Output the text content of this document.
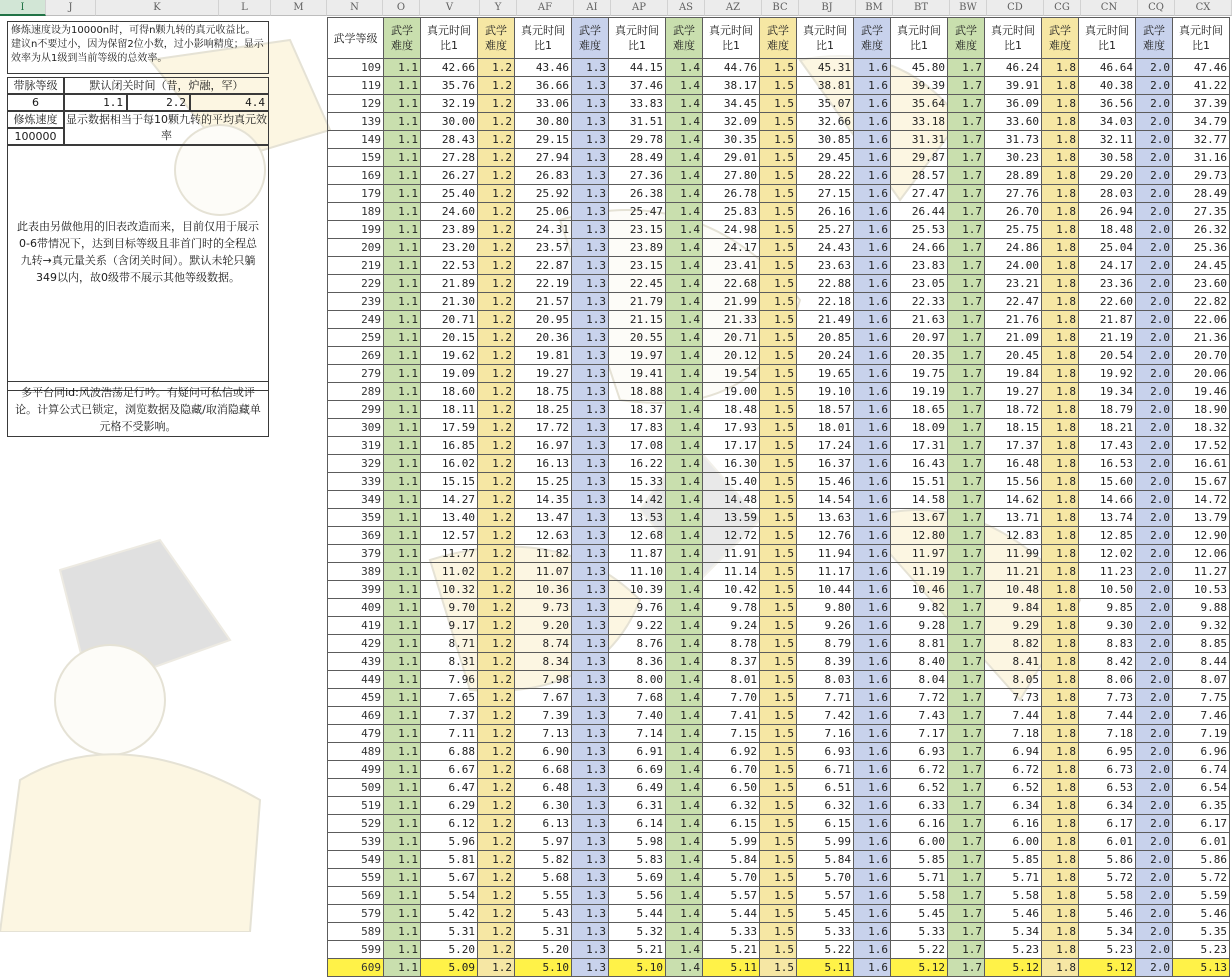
I	J	K	L	M	N	O	V	Y	AF	AI	AP	AS	AZ	BC	BJ	BM	BT	BW	CD	CG	CN	CQ	CX
修炼速度设为10000n时，可得n颗九转的真元收益比。建议n不要过小，因为保留2位小数，过小影响精度；显示效率为从1级到当前等级的总效率。
带脉等级	默认闭关时间（昔，炉融，罕）
6	1.1	2.2	4.4
修炼速度 显示数据相当于每10颗九转的平均真元效率
100000
此表由另做他用的旧表改造而来，目前仅用于展示0-6带情况下，达到目标等级且非首门时的全程总九转→真元量关系（含闭关时间）。默认未轮只躺349以内，故0级带不展示其他等级数据。
多平台同id:风波浩荡足行吟。有疑问可私信或评论。计算公式已锁定，浏览数据及隐藏/取消隐藏单元格不受影响。
武学等级	武学难度	真元时间比1	武学难度	真元时间比1	武学难度	真元时间比1	武学难度	真元时间比1	武学难度	真元时间比1	武学难度	真元时间比1	武学难度	真元时间比1	武学难度	真元时间比1	武学难度	真元时间比1
109	1.1	42.66	1.2	43.46	1.3	44.15	1.4	44.76	1.5	45.31	1.6	45.80	1.7	46.24	1.8	46.64	2.0	47.46
119	1.1	35.76	1.2	36.66	1.3	37.46	1.4	38.17	1.5	38.81	1.6	39.39	1.7	39.91	1.8	40.38	2.0	41.22
129	1.1	32.19	1.2	33.06	1.3	33.83	1.4	34.45	1.5	35.07	1.6	35.64	1.7	36.09	1.8	36.56	2.0	37.39
139	1.1	30.00	1.2	30.80	1.3	31.51	1.4	32.09	1.5	32.66	1.6	33.18	1.7	33.60	1.8	34.03	2.0	34.79
149	1.1	28.43	1.2	29.15	1.3	29.78	1.4	30.35	1.5	30.85	1.6	31.31	1.7	31.73	1.8	32.11	2.0	32.77
159	1.1	27.28	1.2	27.94	1.3	28.49	1.4	29.01	1.5	29.45	1.6	29.87	1.7	30.23	1.8	30.58	2.0	31.16
169	1.1	26.27	1.2	26.83	1.3	27.36	1.4	27.80	1.5	28.22	1.6	28.57	1.7	28.89	1.8	29.20	2.0	29.73
179	1.1	25.40	1.2	25.92	1.3	26.38	1.4	26.78	1.5	27.15	1.6	27.47	1.7	27.76	1.8	28.03	2.0	28.49
189	1.1	24.60	1.2	25.06	1.3	25.47	1.4	25.83	1.5	26.16	1.6	26.44	1.7	26.70	1.8	26.94	2.0	27.35
199	1.1	23.89	1.2	24.31	1.3	23.15	1.4	24.98	1.5	25.27	1.6	25.53	1.7	25.75	1.8	18.48	2.0	26.32
209	1.1	23.20	1.2	23.57	1.3	23.89	1.4	24.17	1.5	24.43	1.6	24.66	1.7	24.86	1.8	25.04	2.0	25.36
219	1.1	22.53	1.2	22.87	1.3	23.15	1.4	23.41	1.5	23.63	1.6	23.83	1.7	24.00	1.8	24.17	2.0	24.45
229	1.1	21.89	1.2	22.19	1.3	22.45	1.4	22.68	1.5	22.88	1.6	23.05	1.7	23.21	1.8	23.36	2.0	23.60
239	1.1	21.30	1.2	21.57	1.3	21.79	1.4	21.99	1.5	22.18	1.6	22.33	1.7	22.47	1.8	22.60	2.0	22.82
249	1.1	20.71	1.2	20.95	1.3	21.15	1.4	21.33	1.5	21.49	1.6	21.63	1.7	21.76	1.8	21.87	2.0	22.06
259	1.1	20.15	1.2	20.36	1.3	20.55	1.4	20.71	1.5	20.85	1.6	20.97	1.7	21.09	1.8	21.19	2.0	21.36
269	1.1	19.62	1.2	19.81	1.3	19.97	1.4	20.12	1.5	20.24	1.6	20.35	1.7	20.45	1.8	20.54	2.0	20.70
279	1.1	19.09	1.2	19.27	1.3	19.41	1.4	19.54	1.5	19.65	1.6	19.75	1.7	19.84	1.8	19.92	2.0	20.06
289	1.1	18.60	1.2	18.75	1.3	18.88	1.4	19.00	1.5	19.10	1.6	19.19	1.7	19.27	1.8	19.34	2.0	19.46
299	1.1	18.11	1.2	18.25	1.3	18.37	1.4	18.48	1.5	18.57	1.6	18.65	1.7	18.72	1.8	18.79	2.0	18.90
309	1.1	17.59	1.2	17.72	1.3	17.83	1.4	17.93	1.5	18.01	1.6	18.09	1.7	18.15	1.8	18.21	2.0	18.32
319	1.1	16.85	1.2	16.97	1.3	17.08	1.4	17.17	1.5	17.24	1.6	17.31	1.7	17.37	1.8	17.43	2.0	17.52
329	1.1	16.02	1.2	16.13	1.3	16.22	1.4	16.30	1.5	16.37	1.6	16.43	1.7	16.48	1.8	16.53	2.0	16.61
339	1.1	15.15	1.2	15.25	1.3	15.33	1.4	15.40	1.5	15.46	1.6	15.51	1.7	15.56	1.8	15.60	2.0	15.67
349	1.1	14.27	1.2	14.35	1.3	14.42	1.4	14.48	1.5	14.54	1.6	14.58	1.7	14.62	1.8	14.66	2.0	14.72
359	1.1	13.40	1.2	13.47	1.3	13.53	1.4	13.59	1.5	13.63	1.6	13.67	1.7	13.71	1.8	13.74	2.0	13.79
369	1.1	12.57	1.2	12.63	1.3	12.68	1.4	12.72	1.5	12.76	1.6	12.80	1.7	12.83	1.8	12.85	2.0	12.90
379	1.1	11.77	1.2	11.82	1.3	11.87	1.4	11.91	1.5	11.94	1.6	11.97	1.7	11.99	1.8	12.02	2.0	12.06
389	1.1	11.02	1.2	11.07	1.3	11.10	1.4	11.14	1.5	11.17	1.6	11.19	1.7	11.21	1.8	11.23	2.0	11.27
399	1.1	10.32	1.2	10.36	1.3	10.39	1.4	10.42	1.5	10.44	1.6	10.46	1.7	10.48	1.8	10.50	2.0	10.53
409	1.1	9.70	1.2	9.73	1.3	9.76	1.4	9.78	1.5	9.80	1.6	9.82	1.7	9.84	1.8	9.85	2.0	9.88
419	1.1	9.17	1.2	9.20	1.3	9.22	1.4	9.24	1.5	9.26	1.6	9.28	1.7	9.29	1.8	9.30	2.0	9.32
429	1.1	8.71	1.2	8.74	1.3	8.76	1.4	8.78	1.5	8.79	1.6	8.81	1.7	8.82	1.8	8.83	2.0	8.85
439	1.1	8.31	1.2	8.34	1.3	8.36	1.4	8.37	1.5	8.39	1.6	8.40	1.7	8.41	1.8	8.42	2.0	8.44
449	1.1	7.96	1.2	7.98	1.3	8.00	1.4	8.01	1.5	8.03	1.6	8.04	1.7	8.05	1.8	8.06	2.0	8.07
459	1.1	7.65	1.2	7.67	1.3	7.68	1.4	7.70	1.5	7.71	1.6	7.72	1.7	7.73	1.8	7.73	2.0	7.75
469	1.1	7.37	1.2	7.39	1.3	7.40	1.4	7.41	1.5	7.42	1.6	7.43	1.7	7.44	1.8	7.44	2.0	7.46
479	1.1	7.11	1.2	7.13	1.3	7.14	1.4	7.15	1.5	7.16	1.6	7.17	1.7	7.18	1.8	7.18	2.0	7.19
489	1.1	6.88	1.2	6.90	1.3	6.91	1.4	6.92	1.5	6.93	1.6	6.93	1.7	6.94	1.8	6.95	2.0	6.96
499	1.1	6.67	1.2	6.68	1.3	6.69	1.4	6.70	1.5	6.71	1.6	6.72	1.7	6.72	1.8	6.73	2.0	6.74
509	1.1	6.47	1.2	6.48	1.3	6.49	1.4	6.50	1.5	6.51	1.6	6.52	1.7	6.52	1.8	6.53	2.0	6.54
519	1.1	6.29	1.2	6.30	1.3	6.31	1.4	6.32	1.5	6.32	1.6	6.33	1.7	6.34	1.8	6.34	2.0	6.35
529	1.1	6.12	1.2	6.13	1.3	6.14	1.4	6.15	1.5	6.15	1.6	6.16	1.7	6.16	1.8	6.17	2.0	6.17
539	1.1	5.96	1.2	5.97	1.3	5.98	1.4	5.99	1.5	5.99	1.6	6.00	1.7	6.00	1.8	6.01	2.0	6.01
549	1.1	5.81	1.2	5.82	1.3	5.83	1.4	5.84	1.5	5.84	1.6	5.85	1.7	5.85	1.8	5.86	2.0	5.86
559	1.1	5.67	1.2	5.68	1.3	5.69	1.4	5.70	1.5	5.70	1.6	5.71	1.7	5.71	1.8	5.72	2.0	5.72
569	1.1	5.54	1.2	5.55	1.3	5.56	1.4	5.57	1.5	5.57	1.6	5.58	1.7	5.58	1.8	5.58	2.0	5.59
579	1.1	5.42	1.2	5.43	1.3	5.44	1.4	5.44	1.5	5.45	1.6	5.45	1.7	5.46	1.8	5.46	2.0	5.46
589	1.1	5.31	1.2	5.31	1.3	5.32	1.4	5.33	1.5	5.33	1.6	5.33	1.7	5.34	1.8	5.34	2.0	5.35
599	1.1	5.20	1.2	5.20	1.3	5.21	1.4	5.21	1.5	5.22	1.6	5.22	1.7	5.23	1.8	5.23	2.0	5.23
609	1.1	5.09	1.2	5.10	1.3	5.10	1.4	5.11	1.5	5.11	1.6	5.12	1.7	5.12	1.8	5.12	2.0	5.13
